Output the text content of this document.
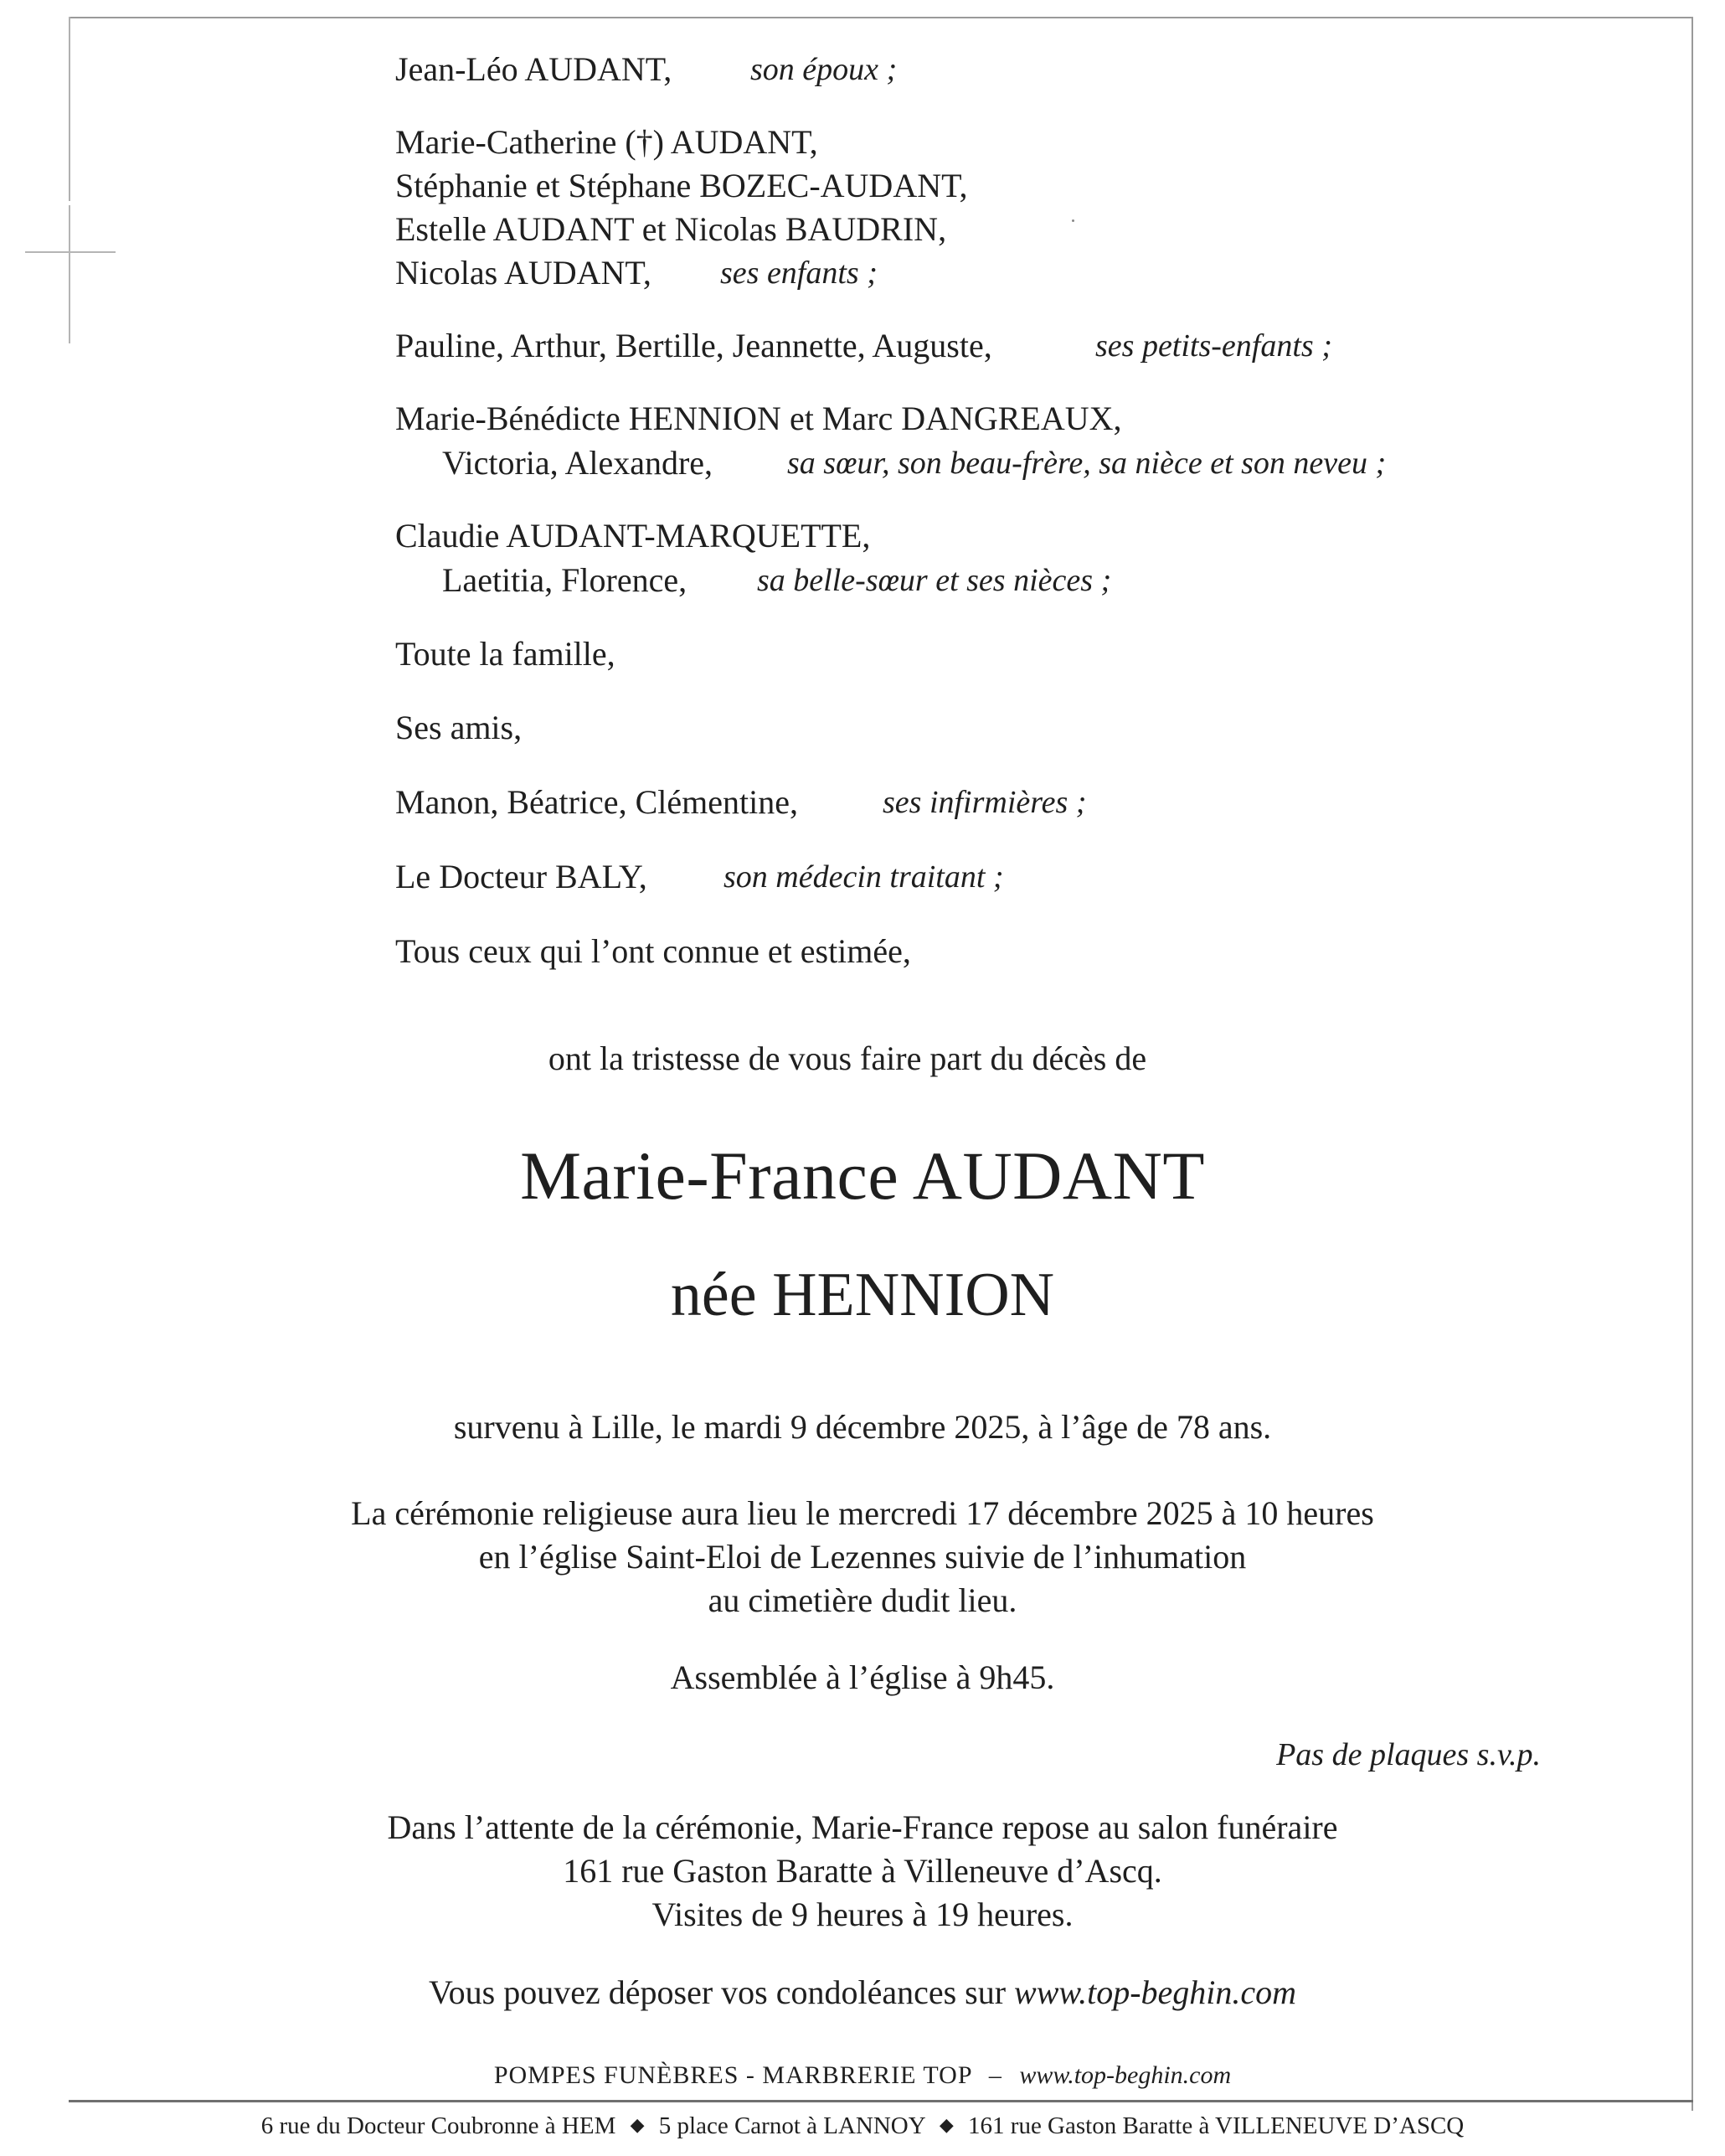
Jean-Léo AUDANT, son époux ;
Marie-Catherine (†) AUDANT,
Stéphanie et Stéphane BOZEC-AUDANT,
Estelle AUDANT et Nicolas BAUDRIN,
Nicolas AUDANT, ses enfants ;
Pauline, Arthur, Bertille, Jeannette, Auguste,	ses petits-enfants ;
Marie-Bénédicte HENNION et Marc DANGREAUX,
Victoria, Alexandre, sa sœur, son beau-frère, sa nièce et son neveu ;
Claudie AUDANT-MARQUETTE,
Laetitia, Florence, sa belle-sœur et ses nièces ;
Toute la famille,
Ses amis,
Manon, Béatrice, Clémentine,	ses infirmières ;
Le Docteur BALY, son médecin traitant ;
Tous ceux qui l’ont connue et estimée,
ont la tristesse de vous faire part du décès de
Marie-France AUDANT
née HENNION
survenu à Lille, le mardi 9 décembre 2025, à l’âge de 78 ans.
La cérémonie religieuse aura lieu le mercredi 17 décembre 2025 à 10 heures
en l’église Saint-Eloi de Lezennes suivie de l’inhumation
au cimetière dudit lieu.
Assemblée à l’église à 9h45.
Pas de plaques s.v.p.
Dans l’attente de la cérémonie, Marie-France repose au salon funéraire
161 rue Gaston Baratte à Villeneuve d’Ascq.
Visites de 9 heures à 19 heures.
Vous pouvez déposer vos condoléances sur www.top-beghin.com
POMPES FUNÈBRES - MARBRERIE TOP – www.top-beghin.com
6 rue du Docteur Coubronne à HEM ◆ 5 place Carnot à LANNOY ◆ 161 rue Gaston Baratte à VILLENEUVE D’ASCQ
